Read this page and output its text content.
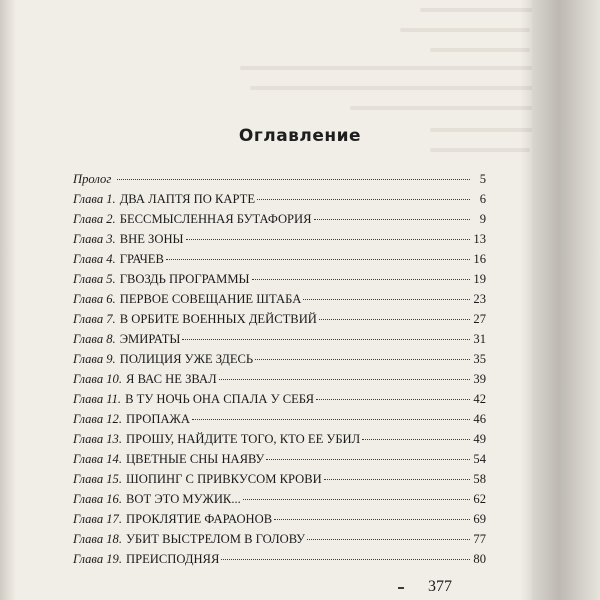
Оглавление
Пролог	5
Глава 1. ДВА ЛАПТЯ ПО КАРТЕ	6
Глава 2. БЕССМЫСЛЕННАЯ БУТАФОРИЯ	9
Глава 3. ВНЕ ЗОНЫ	13
Глава 4. ГРАЧЕВ	16
Глава 5. ГВОЗДЬ ПРОГРАММЫ	19
Глава 6. ПЕРВОЕ СОВЕЩАНИЕ ШТАБА	23
Глава 7. В ОРБИТЕ ВОЕННЫХ ДЕЙСТВИЙ	27
Глава 8. ЭМИРАТЫ	31
Глава 9. ПОЛИЦИЯ УЖЕ ЗДЕСЬ	35
Глава 10. Я ВАС НЕ ЗВАЛ	39
Глава 11. В ТУ НОЧЬ ОНА СПАЛА У СЕБЯ	42
Глава 12. ПРОПАЖА	46
Глава 13. ПРОШУ, НАЙДИТЕ ТОГО, КТО ЕЕ УБИЛ	49
Глава 14. ЦВЕТНЫЕ СНЫ НАЯВУ	54
Глава 15. ШОПИНГ С ПРИВКУСОМ КРОВИ	58
Глава 16. ВОТ ЭТО МУЖИК...	62
Глава 17. ПРОКЛЯТИЕ ФАРАОНОВ	69
Глава 18. УБИТ ВЫСТРЕЛОМ В ГОЛОВУ	77
Глава 19. ПРЕИСПОДНЯЯ	80
377
